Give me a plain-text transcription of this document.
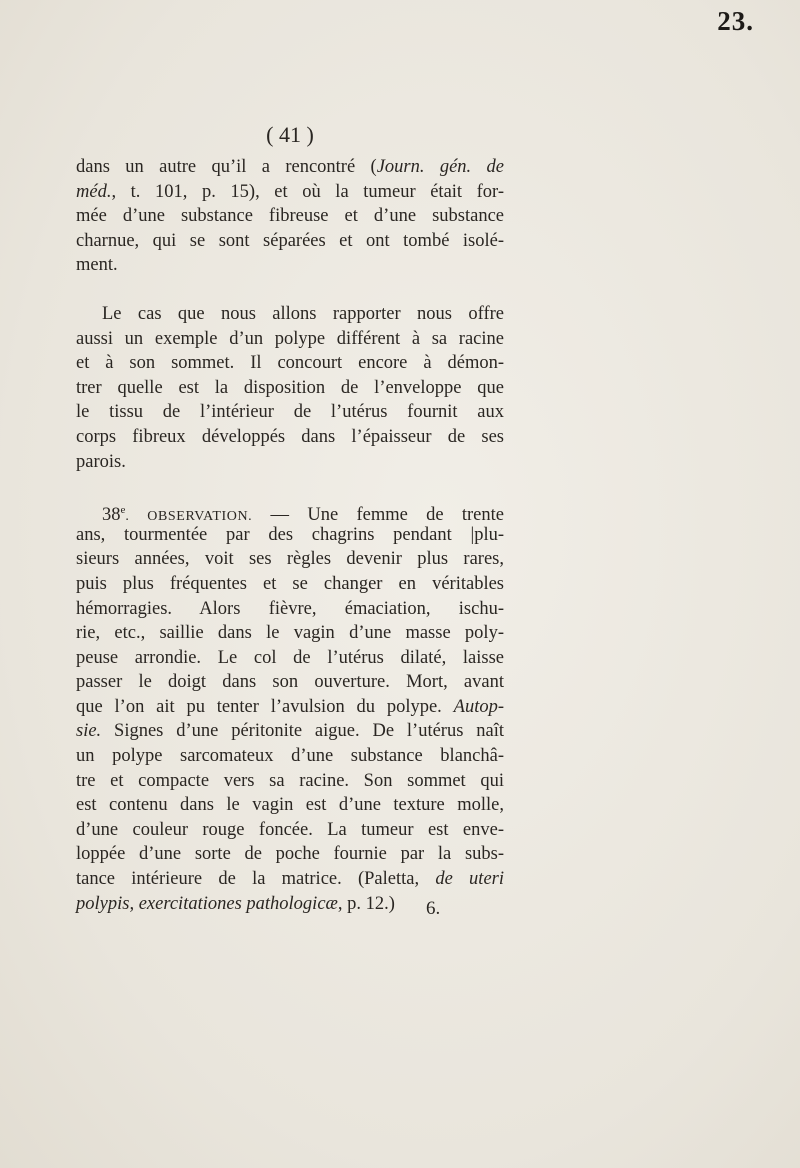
23.
( 41 )
dans un autre qu’il a rencontré (Journ. gén. de
méd., t. 101, p. 15), et où la tumeur était for-
mée d’une substance fibreuse et d’une substance
charnue, qui se sont séparées et ont tombé isolé-
ment.
Le cas que nous allons rapporter nous offre
aussi un exemple d’un polype différent à sa racine
et à son sommet. Il concourt encore à démon-
trer quelle est la disposition de l’enveloppe que
le tissu de l’intérieur de l’utérus fournit aux
corps fibreux développés dans l’épaisseur de ses
parois.
38e. OBSERVATION. — Une femme de trente
ans, tourmentée par des chagrins pendant |plu-
sieurs années, voit ses règles devenir plus rares,
puis plus fréquentes et se changer en véritables
hémorragies. Alors fièvre, émaciation, ischu-
rie, etc., saillie dans le vagin d’une masse poly-
peuse arrondie. Le col de l’utérus dilaté, laisse
passer le doigt dans son ouverture. Mort, avant
que l’on ait pu tenter l’avulsion du polype. Autop-
sie. Signes d’une péritonite aigue. De l’utérus naît
un polype sarcomateux d’une substance blanchâ-
tre et compacte vers sa racine. Son sommet qui
est contenu dans le vagin est d’une texture molle,
d’une couleur rouge foncée. La tumeur est enve-
loppée d’une sorte de poche fournie par la subs-
tance intérieure de la matrice. (Paletta, de uteri
polypis, exercitationes pathologicæ, p. 12.)	6.
